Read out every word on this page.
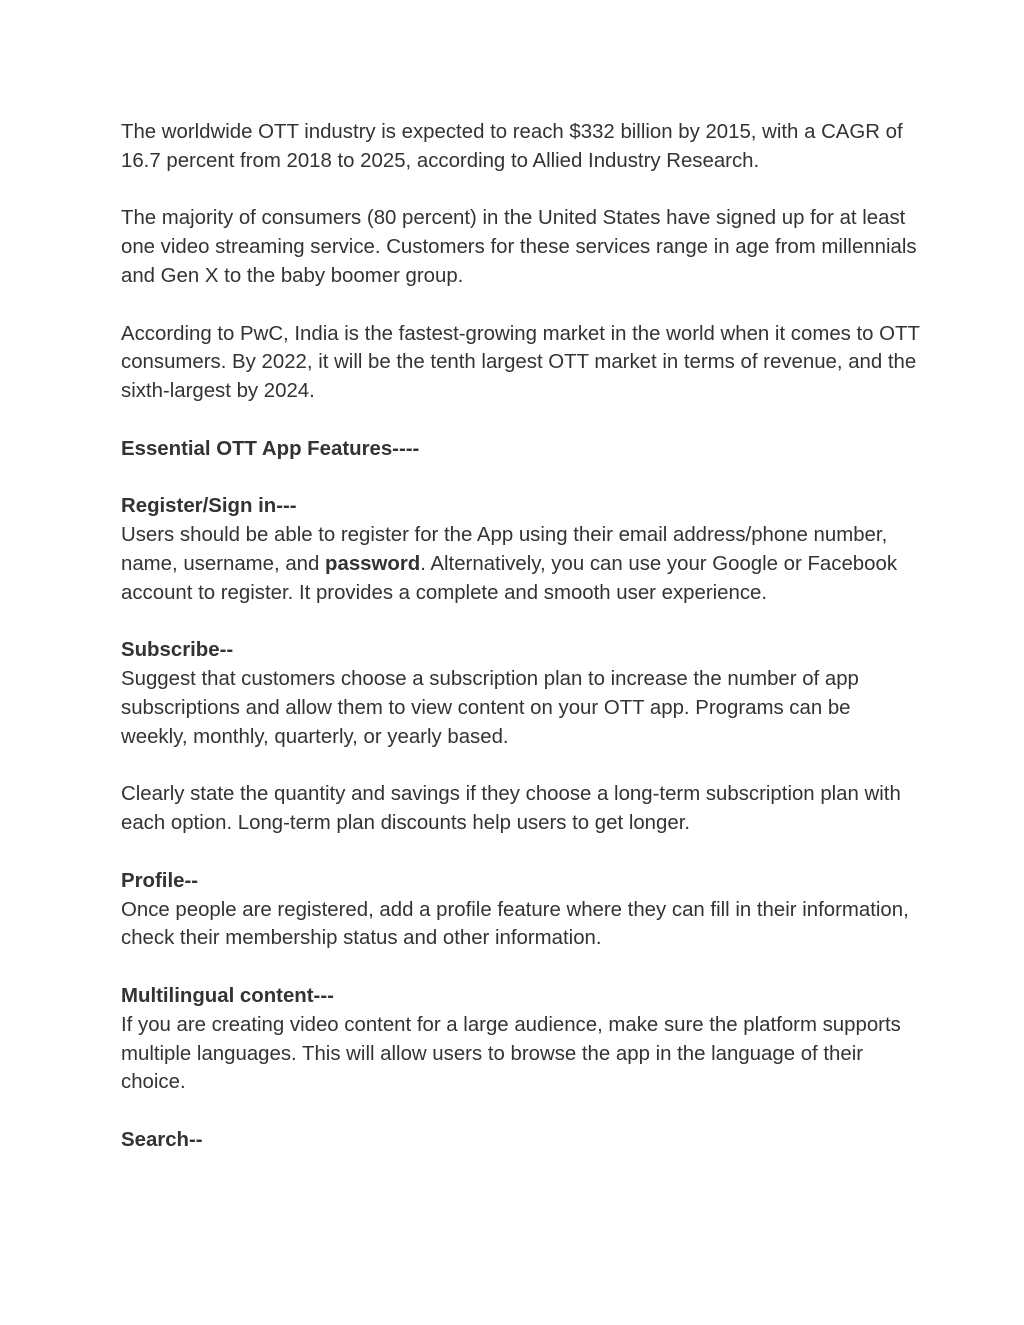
The worldwide OTT industry is expected to reach $332 billion by 2015, with a CAGR of 16.7 percent from 2018 to 2025, according to Allied Industry Research.

The majority of consumers (80 percent) in the United States have signed up for at least one video streaming service. Customers for these services range in age from millennials and Gen X to the baby boomer group.

According to PwC, India is the fastest-growing market in the world when it comes to OTT consumers. By 2022, it will be the tenth largest OTT market in terms of revenue, and the sixth-largest by 2024.

Essential OTT App Features----

Register/Sign in---

Users should be able to register for the App using their email address/phone number, name, username, and password. Alternatively, you can use your Google or Facebook account to register. It provides a complete and smooth user experience.

Subscribe--

Suggest that customers choose a subscription plan to increase the number of app subscriptions and allow them to view content on your OTT app. Programs can be weekly, monthly, quarterly, or yearly based.

Clearly state the quantity and savings if they choose a long-term subscription plan with each option. Long-term plan discounts help users to get longer.

Profile--

Once people are registered, add a profile feature where they can fill in their information, check their membership status and other information.

Multilingual content---

If you are creating video content for a large audience, make sure the platform supports multiple languages. This will allow users to browse the app in the language of their choice.

Search--
